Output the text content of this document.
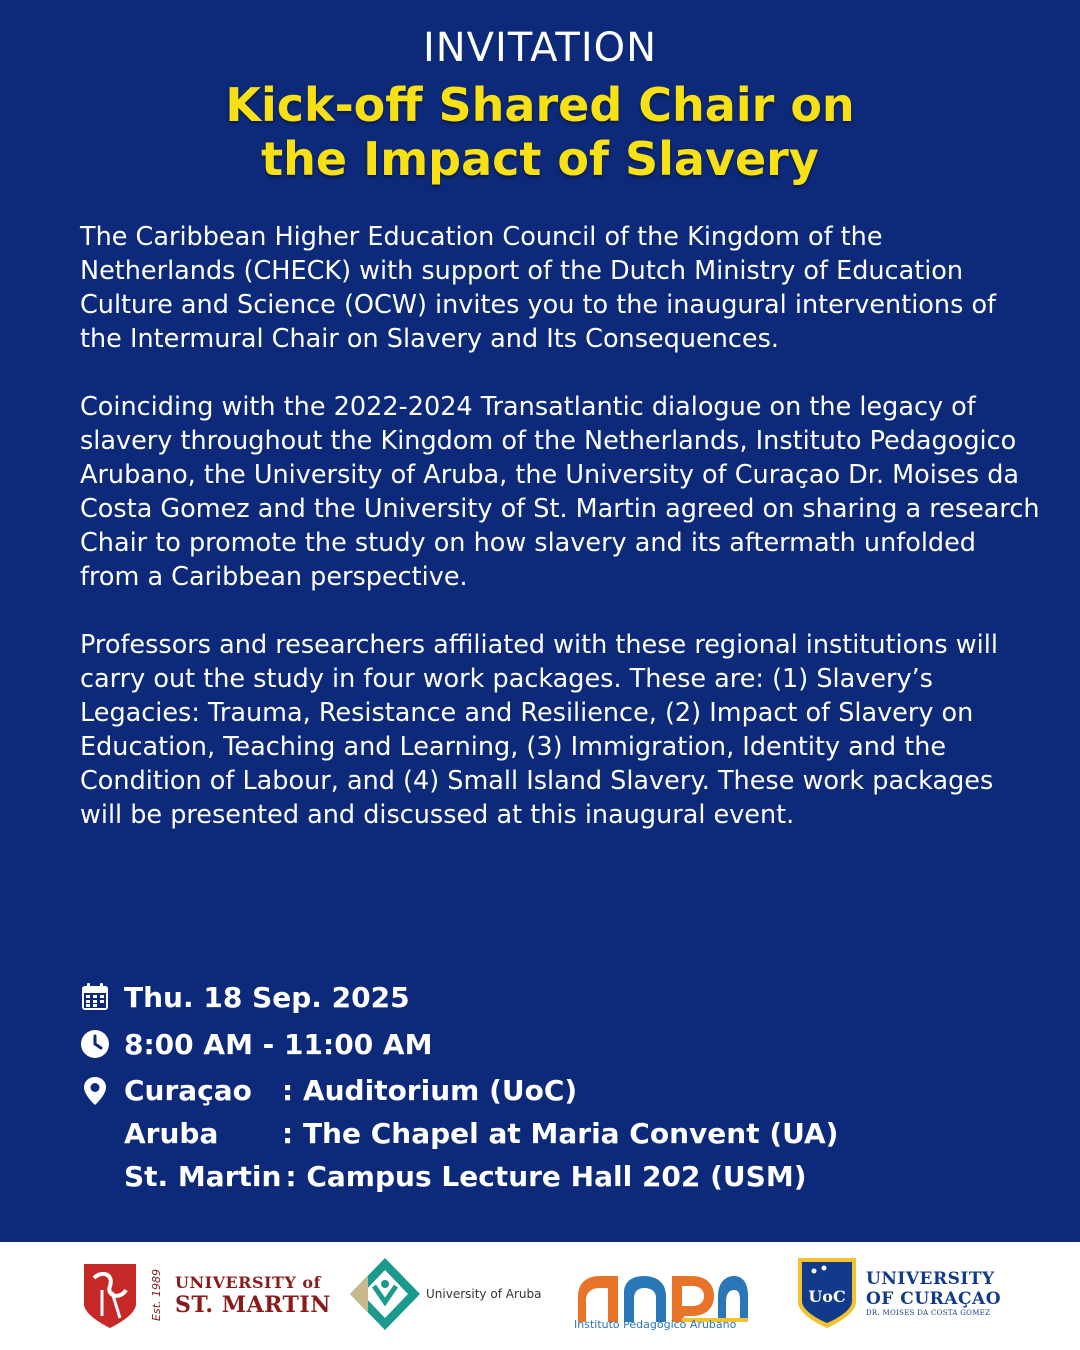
INVITATION
Kick-off Shared Chair on
the Impact of Slavery

The Caribbean Higher Education Council of the Kingdom of the Netherlands (CHECK) with support of the Dutch Ministry of Education Culture and Science (OCW) invites you to the inaugural interventions of the Intermural Chair on Slavery and Its Consequences.

Coinciding with the 2022-2024 Transatlantic dialogue on the legacy of slavery throughout the Kingdom of the Netherlands, Instituto Pedagogico Arubano, the University of Aruba, the University of Curaçao Dr. Moises da Costa Gomez and the University of St. Martin agreed on sharing a research Chair to promote the study on how slavery and its aftermath unfolded from a Caribbean perspective.

Professors and researchers affiliated with these regional institutions will carry out the study in four work packages. These are: (1) Slavery’s Legacies: Trauma, Resistance and Resilience, (2) Impact of Slavery on Education, Teaching and Learning, (3) Immigration, Identity and the Condition of Labour, and (4) Small Island Slavery. These work packages will be presented and discussed at this inaugural event.

Thu. 18 Sep. 2025
8:00 AM - 11:00 AM
Curaçao	: Auditorium (UoC)
Aruba	: The Chapel at Maria Convent (UA)
St. Martin : Campus Lecture Hall 202 (USM)
Est. 1989 UNIVERSITY of
ST. MARTIN	University of Aruba
Instituto Pedagogico Arubano
UoC
UNIVERSITY
OF CURAÇAO
DR. MOISES DA COSTA GOMEZ
